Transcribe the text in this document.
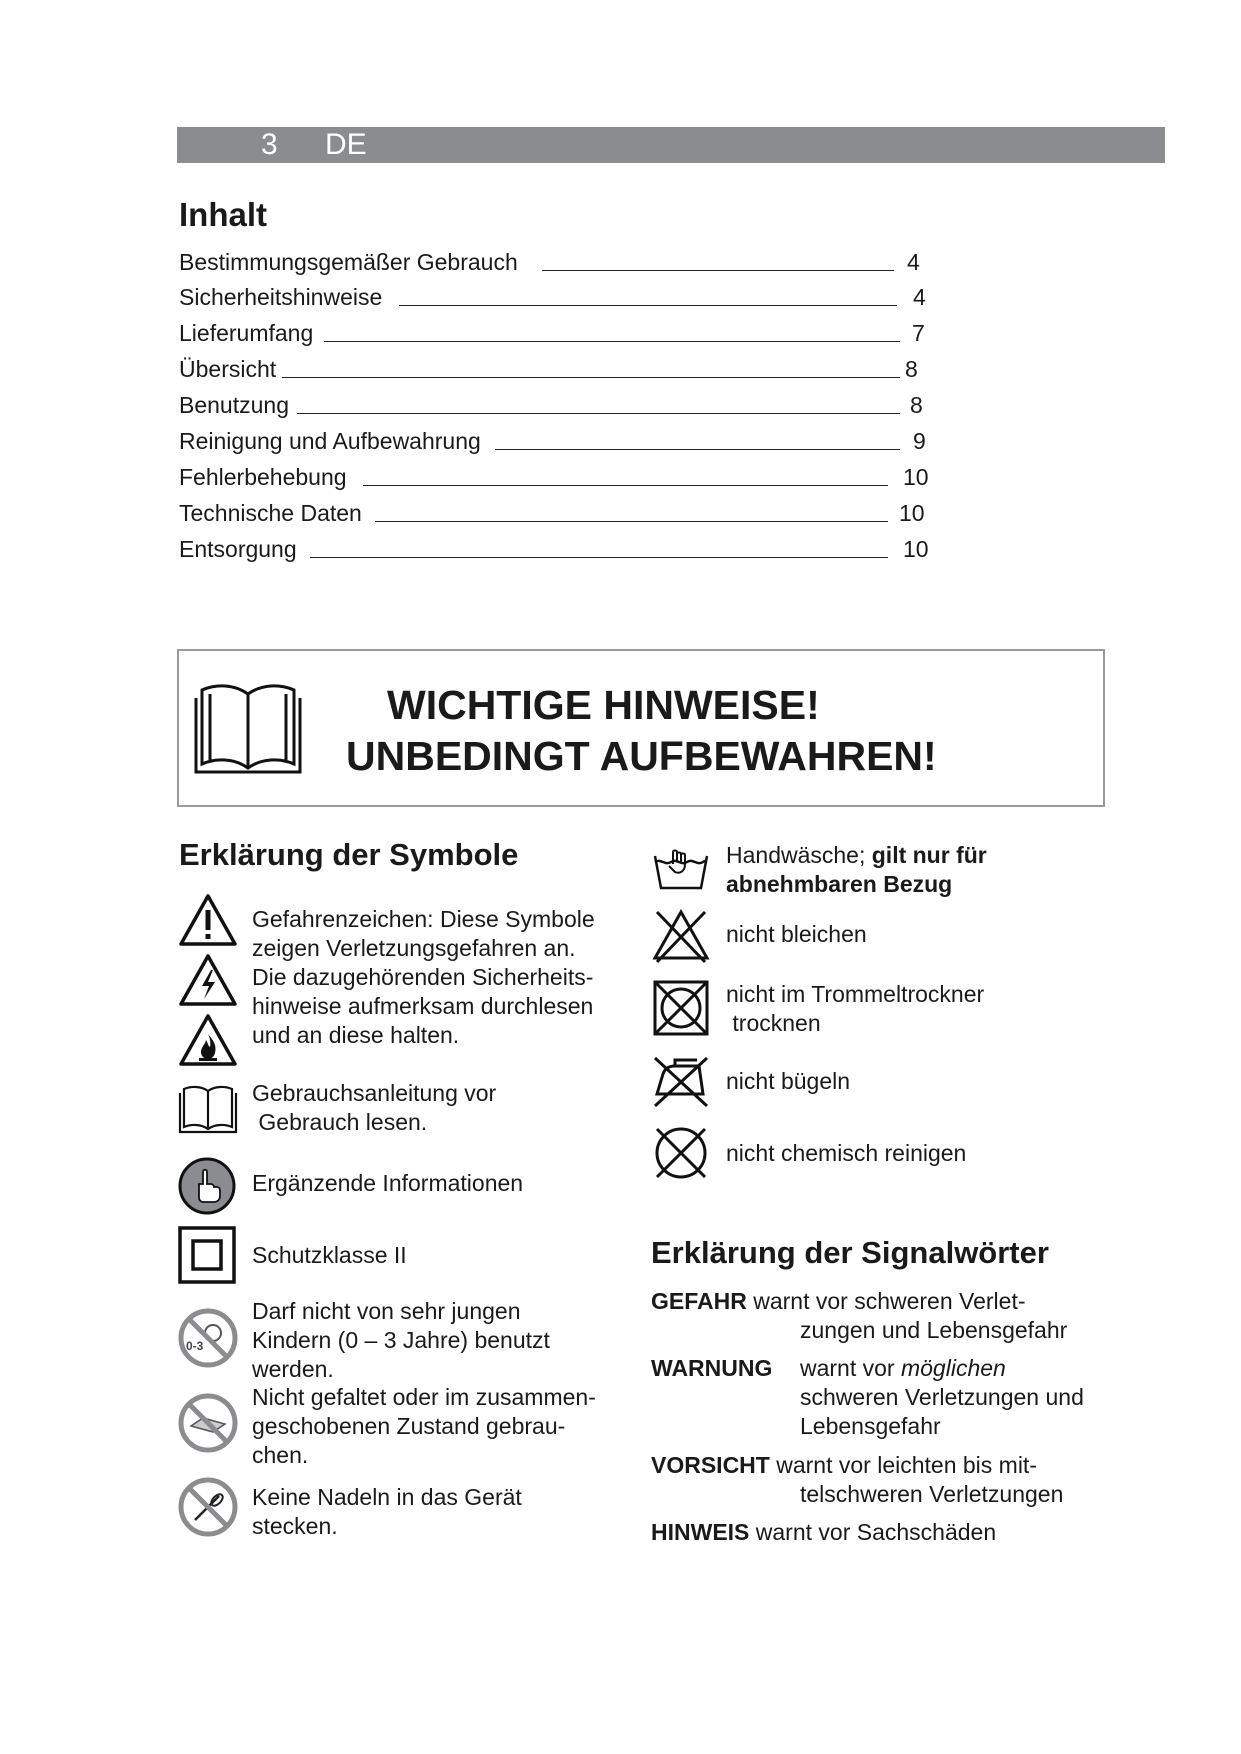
3 DE
Inhalt
Bestimmungsgemäßer Gebrauch	4
Sicherheitshinweise	4
Lieferumfang	7
Übersicht	8
Benutzung	8
Reinigung und Aufbewahrung	9
Fehlerbehebung	10
Technische Daten	10
Entsorgung	10
WICHTIGE HINWEISE!
UNBEDINGT AUFBEWAHREN!
Erklärung der Symbole
Gefahrenzeichen: Diese Symbole
zeigen Verletzungsgefahren an.
Die dazugehörenden Sicherheits-
hinweise aufmerksam durchlesen
und an diese halten.
Gebrauchsanleitung vor
Gebrauch lesen.
Ergänzende Informationen
Schutzklasse II
0-3
Darf nicht von sehr jungen
Kindern (0 – 3 Jahre) benutzt
werden.
Nicht gefaltet oder im zusammen-
geschobenen Zustand gebrau-
chen.
Keine Nadeln in das Gerät
stecken.
Handwäsche; gilt nur für
abnehmbaren Bezug
nicht bleichen
nicht im Trommeltrockner
trocknen
nicht bügeln
nicht chemisch reinigen
Erklärung der Signalwörter
GEFAHR warnt vor schweren Verlet-
zungen und Lebensgefahr
WARNUNG warnt vor möglichen
schweren Verletzungen und
Lebensgefahr
VORSICHT warnt vor leichten bis mit-
telschweren Verletzungen
HINWEIS warnt vor Sachschäden
